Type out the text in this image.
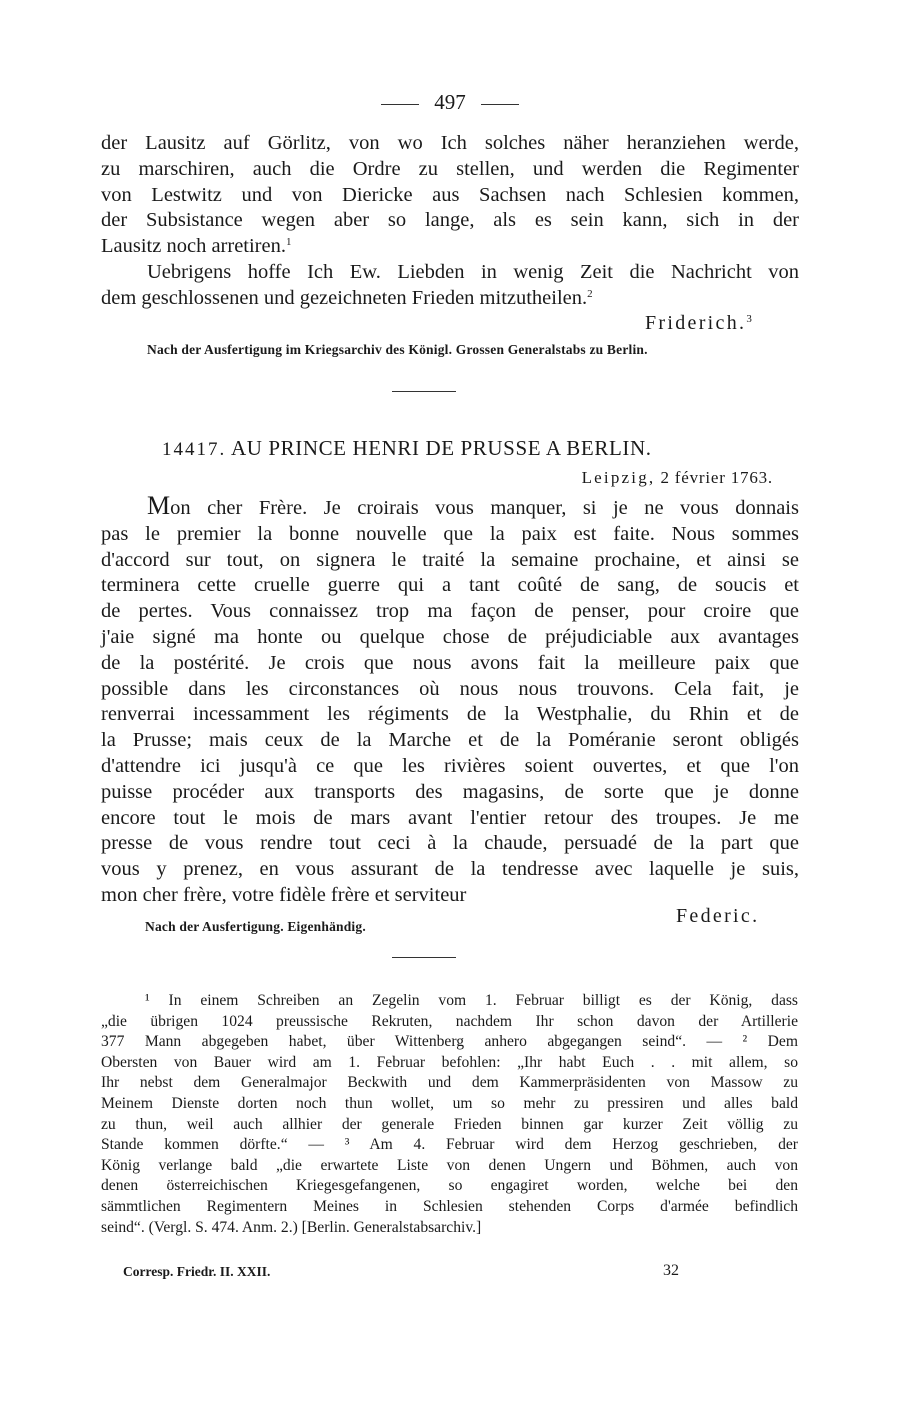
497
der Lausitz auf Görlitz, von wo Ich solches näher heranziehen werde,
zu marschiren, auch die Ordre zu stellen, und werden die Regimenter
von Lestwitz und von Diericke aus Sachsen nach Schlesien kommen,
der Subsistance wegen aber so lange, als es sein kann, sich in der
Lausitz noch arretiren.$^1$
Uebrigens hoffe Ich Ew. Liebden in wenig Zeit die Nachricht von
dem geschlossenen und gezeichneten Frieden mitzutheilen.$^2$
Friderich.$^3$
Nach der Ausfertigung im Kriegsarchiv des Königl. Grossen Generalstabs zu Berlin.
14417. AU PRINCE HENRI DE PRUSSE A BERLIN.
Leipzig, 2 février 1763.
Mon cher Frère. Je croirais vous manquer, si je ne vous donnais
pas le premier la bonne nouvelle que la paix est faite. Nous sommes
d'accord sur tout, on signera le traité la semaine prochaine, et ainsi se
terminera cette cruelle guerre qui a tant coûté de sang, de soucis et
de pertes. Vous connaissez trop ma façon de penser, pour croire que
j'aie signé ma honte ou quelque chose de préjudiciable aux avantages
de la postérité. Je crois que nous avons fait la meilleure paix que
possible dans les circonstances où nous nous trouvons. Cela fait, je
renverrai incessamment les régiments de la Westphalie, du Rhin et de
la Prusse; mais ceux de la Marche et de la Poméranie seront obligés
d'attendre ici jusqu'à ce que les rivières soient ouvertes, et que l'on
puisse procéder aux transports des magasins, de sorte que je donne
encore tout le mois de mars avant l'entier retour des troupes. Je me
presse de vous rendre tout ceci à la chaude, persuadé de la part que
vous y prenez, en vous assurant de la tendresse avec laquelle je suis,
mon cher frère, votre fidèle frère et serviteur
Nach der Ausfertigung. Eigenhändig.	Federic.
¹ In einem Schreiben an Zegelin vom 1. Februar billigt es der König, dass
„die übrigen 1024 preussische Rekruten, nachdem Ihr schon davon der Artillerie
377 Mann abgegeben habet, über Wittenberg anhero abgegangen seind“. — ² Dem
Obersten von Bauer wird am 1. Februar befohlen: „Ihr habt Euch . . mit allem, so
Ihr nebst dem Generalmajor Beckwith und dem Kammerpräsidenten von Massow zu
Meinem Dienste dorten noch thun wollet, um so mehr zu pressiren und alles bald
zu thun, weil auch allhier der generale Frieden binnen gar kurzer Zeit völlig zu
Stande kommen dörfte.“ — ³ Am 4. Februar wird dem Herzog geschrieben, der
König verlange bald „die erwartete Liste von denen Ungern und Böhmen, auch von
denen österreichischen Kriegesgefangenen, so engagiret worden, welche bei den
sämmtlichen Regimentern Meines in Schlesien stehenden Corps d'armée befindlich
seind“. (Vergl. S. 474. Anm. 2.) [Berlin. Generalstabsarchiv.]
Corresp. Friedr. II. XXII.	32
